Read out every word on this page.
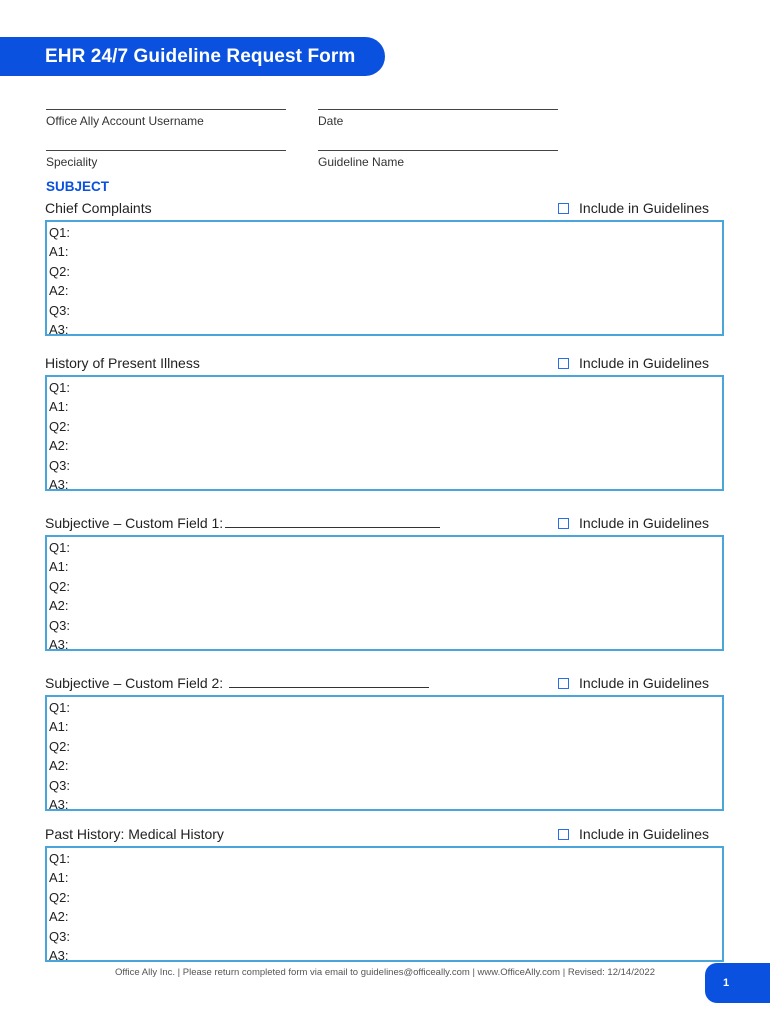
EHR 24/7 Guideline Request Form
Office Ally Account Username	Date
Speciality	Guideline Name
SUBJECT
Chief Complaints	Include in Guidelines
Q1:
A1:
Q2:
A2:
Q3:
A3:
History of Present Illness	Include in Guidelines
Q1:
A1:
Q2:
A2:
Q3:
A3:
Subjective – Custom Field 1:	Include in Guidelines
Q1:
A1:
Q2:
A2:
Q3:
A3:
Subjective – Custom Field 2:	Include in Guidelines
Q1:
A1:
Q2:
A2:
Q3:
A3:
Past History: Medical History	Include in Guidelines
Q1:
A1:
Q2:
A2:
Q3:
A3:
Office Ally Inc. | Please return completed form via email to guidelines@officeally.com | www.OfficeAlly.com | Revised: 12/14/2022
1
